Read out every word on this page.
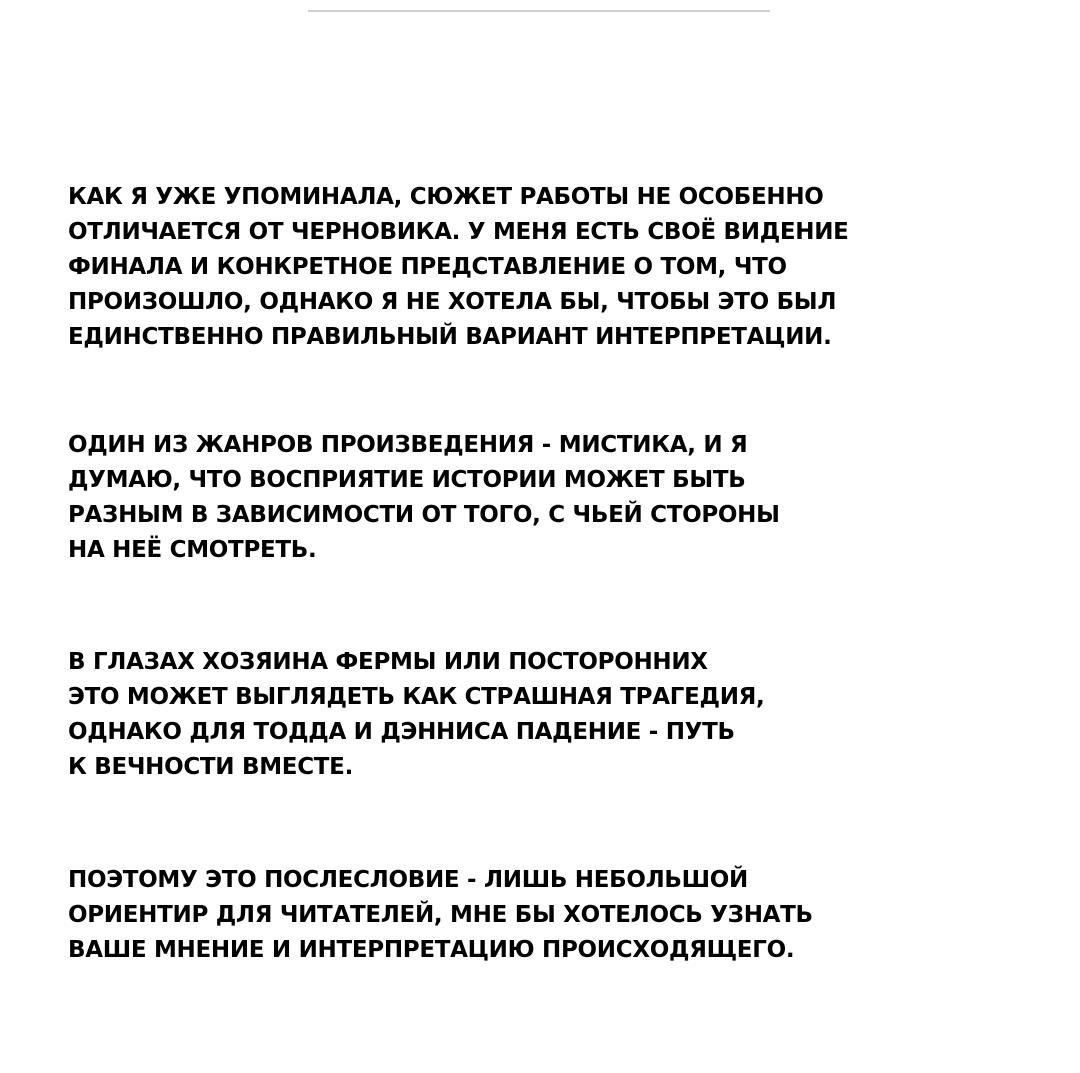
КАК Я УЖЕ УПОМИНАЛА, СЮЖЕТ РАБОТЫ НЕ ОСОБЕННО
ОТЛИЧАЕТСЯ ОТ ЧЕРНОВИКА. У МЕНЯ ЕСТЬ СВОЁ ВИДЕНИЕ
ФИНАЛА И КОНКРЕТНОЕ ПРЕДСТАВЛЕНИЕ О ТОМ, ЧТО
ПРОИЗОШЛО, ОДНАКО Я НЕ ХОТЕЛА БЫ, ЧТОБЫ ЭТО БЫЛ
ЕДИНСТВЕННО ПРАВИЛЬНЫЙ ВАРИАНТ ИНТЕРПРЕТАЦИИ.

ОДИН ИЗ ЖАНРОВ ПРОИЗВЕДЕНИЯ - МИСТИКА, И Я
ДУМАЮ, ЧТО ВОСПРИЯТИЕ ИСТОРИИ МОЖЕТ БЫТЬ
РАЗНЫМ В ЗАВИСИМОСТИ ОТ ТОГО, С ЧЬЕЙ СТОРОНЫ
НА НЕЁ СМОТРЕТЬ.

В ГЛАЗАХ ХОЗЯИНА ФЕРМЫ ИЛИ ПОСТОРОННИХ
ЭТО МОЖЕТ ВЫГЛЯДЕТЬ КАК СТРАШНАЯ ТРАГЕДИЯ,
ОДНАКО ДЛЯ ТОДДА И ДЭННИСА ПАДЕНИЕ - ПУТЬ
К ВЕЧНОСТИ ВМЕСТЕ.

ПОЭТОМУ ЭТО ПОСЛЕСЛОВИЕ - ЛИШЬ НЕБОЛЬШОЙ
ОРИЕНТИР ДЛЯ ЧИТАТЕЛЕЙ, МНЕ БЫ ХОТЕЛОСЬ УЗНАТЬ
ВАШЕ МНЕНИЕ И ИНТЕРПРЕТАЦИЮ ПРОИСХОДЯЩЕГО.
